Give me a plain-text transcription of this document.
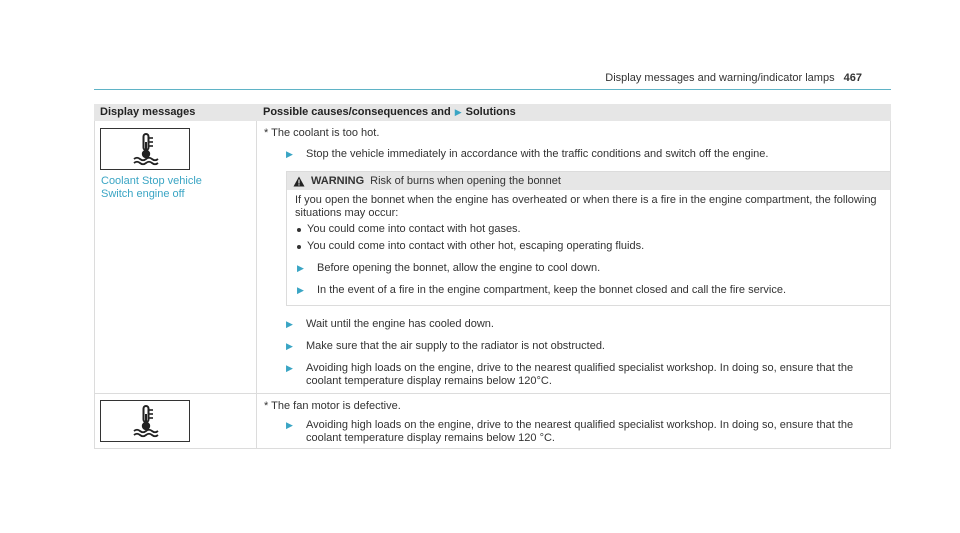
Display messages and warning/indicator lamps 467
Display messages	Possible causes/consequences and ▶ Solutions
Coolant Stop vehicle
Switch engine off
* The coolant is too hot.
▶ Stop the vehicle immediately in accordance with the traffic conditions and switch off the engine.
WARNING Risk of burns when opening the bonnet
If you open the bonnet when the engine has overheated or when there is a fire in the engine compartment, the following situations may occur:
You could come into contact with hot gases.
You could come into contact with other hot, escaping operating fluids.
▶ Before opening the bonnet, allow the engine to cool down.
▶ In the event of a fire in the engine compartment, keep the bonnet closed and call the fire service.
▶ Wait until the engine has cooled down.
▶ Make sure that the air supply to the radiator is not obstructed.
▶ Avoiding high loads on the engine, drive to the nearest qualified specialist workshop. In doing so, ensure that the coolant temperature display remains below 120°C.
* The fan motor is defective.
▶ Avoiding high loads on the engine, drive to the nearest qualified specialist workshop. In doing so, ensure that the coolant temperature display remains below 120 °C.
